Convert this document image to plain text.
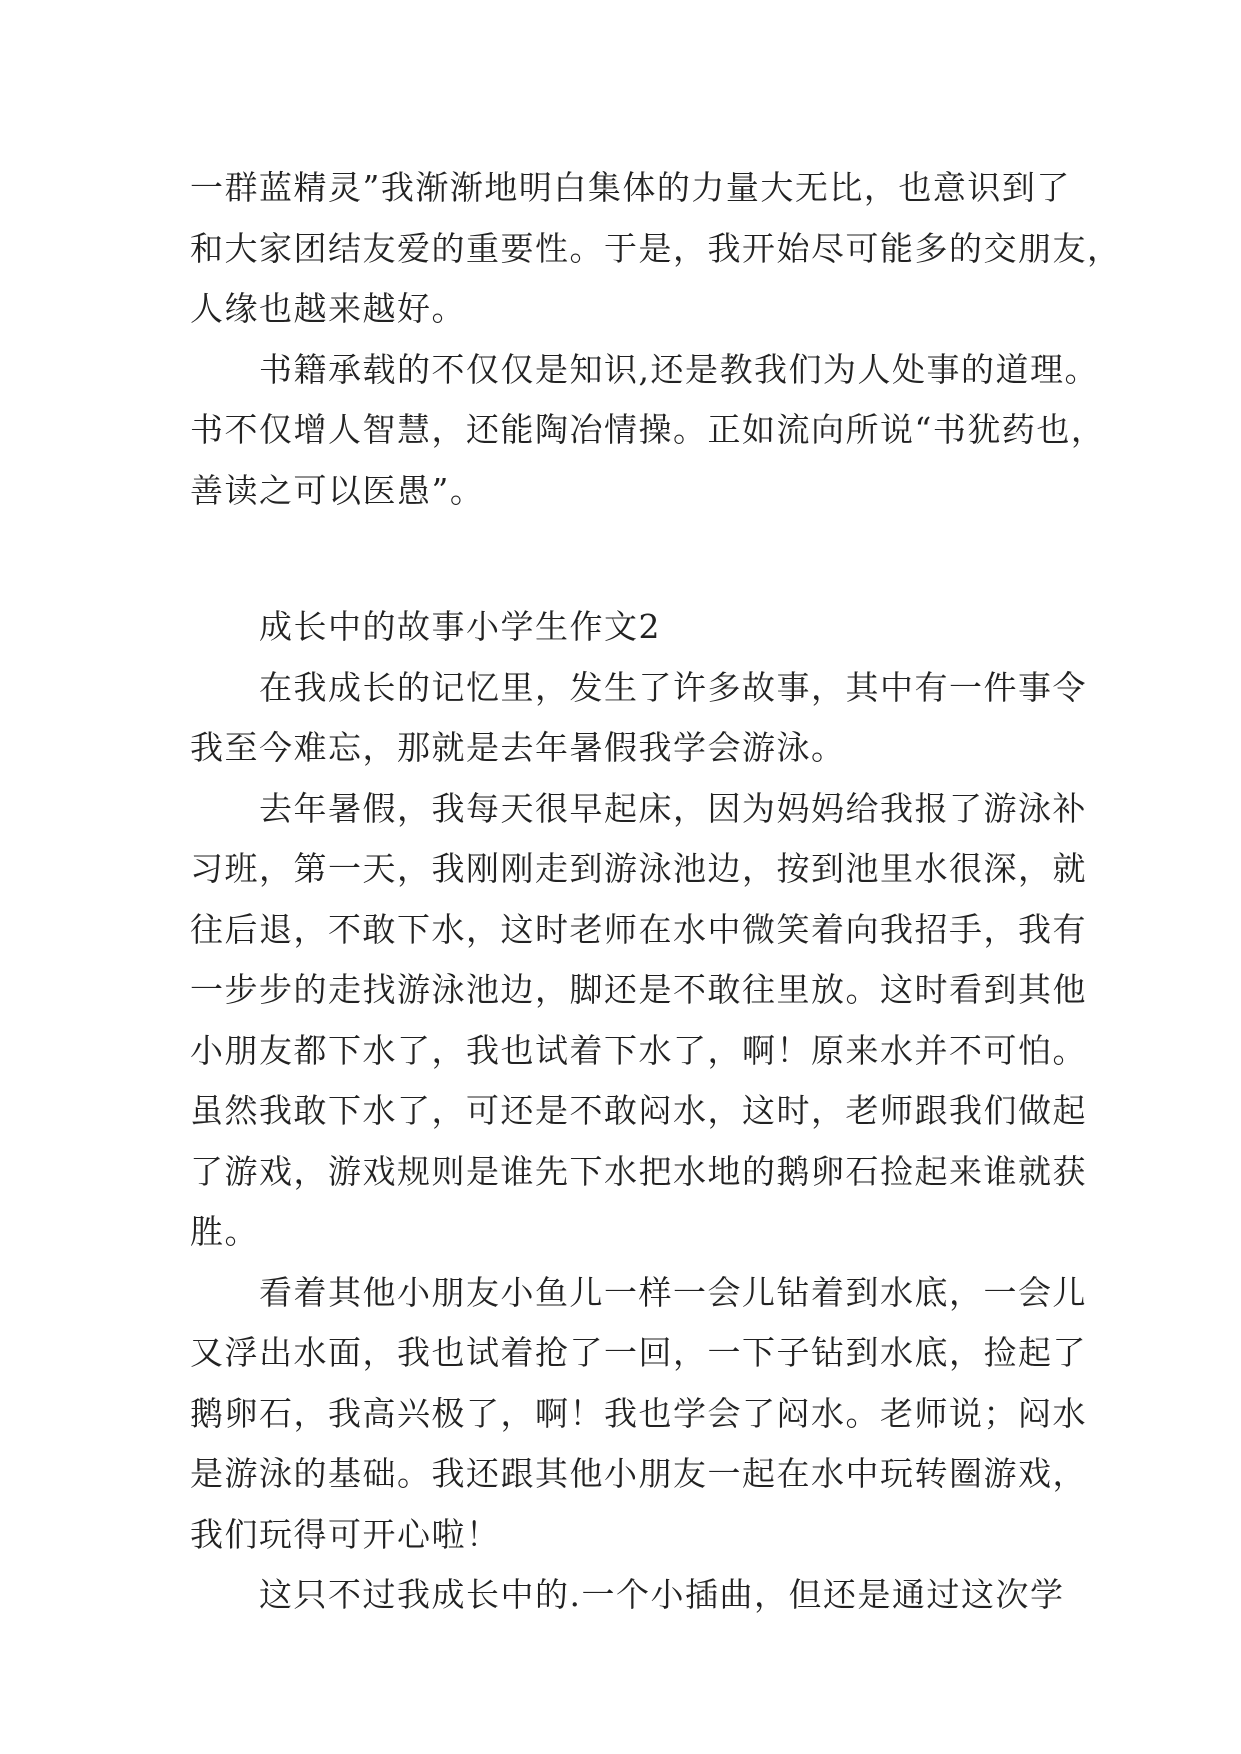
一群蓝精灵”我渐渐地明白集体的力量大无比，也意识到了
和大家团结友爱的重要性。于是，我开始尽可能多的交朋友，
人缘也越来越好。
　　书籍承载的不仅仅是知识,还是教我们为人处事的道理。
书不仅增人智慧，还能陶冶情操。正如流向所说“书犹药也，
善读之可以医愚”。
　　成长中的故事小学生作文2
　　在我成长的记忆里，发生了许多故事，其中有一件事令
我至今难忘，那就是去年暑假我学会游泳。
　　去年暑假，我每天很早起床，因为妈妈给我报了游泳补
习班，第一天，我刚刚走到游泳池边，按到池里水很深，就
往后退，不敢下水，这时老师在水中微笑着向我招手，我有
一步步的走找游泳池边，脚还是不敢往里放。这时看到其他
小朋友都下水了，我也试着下水了，啊！原来水并不可怕。
虽然我敢下水了，可还是不敢闷水，这时，老师跟我们做起
了游戏，游戏规则是谁先下水把水地的鹅卵石捡起来谁就获
胜。
　　看着其他小朋友小鱼儿一样一会儿钻着到水底，一会儿
又浮出水面，我也试着抢了一回，一下子钻到水底，捡起了
鹅卵石，我高兴极了，啊！我也学会了闷水。老师说；闷水
是游泳的基础。我还跟其他小朋友一起在水中玩转圈游戏，
我们玩得可开心啦！
　　这只不过我成长中的.一个小插曲，但还是通过这次学
